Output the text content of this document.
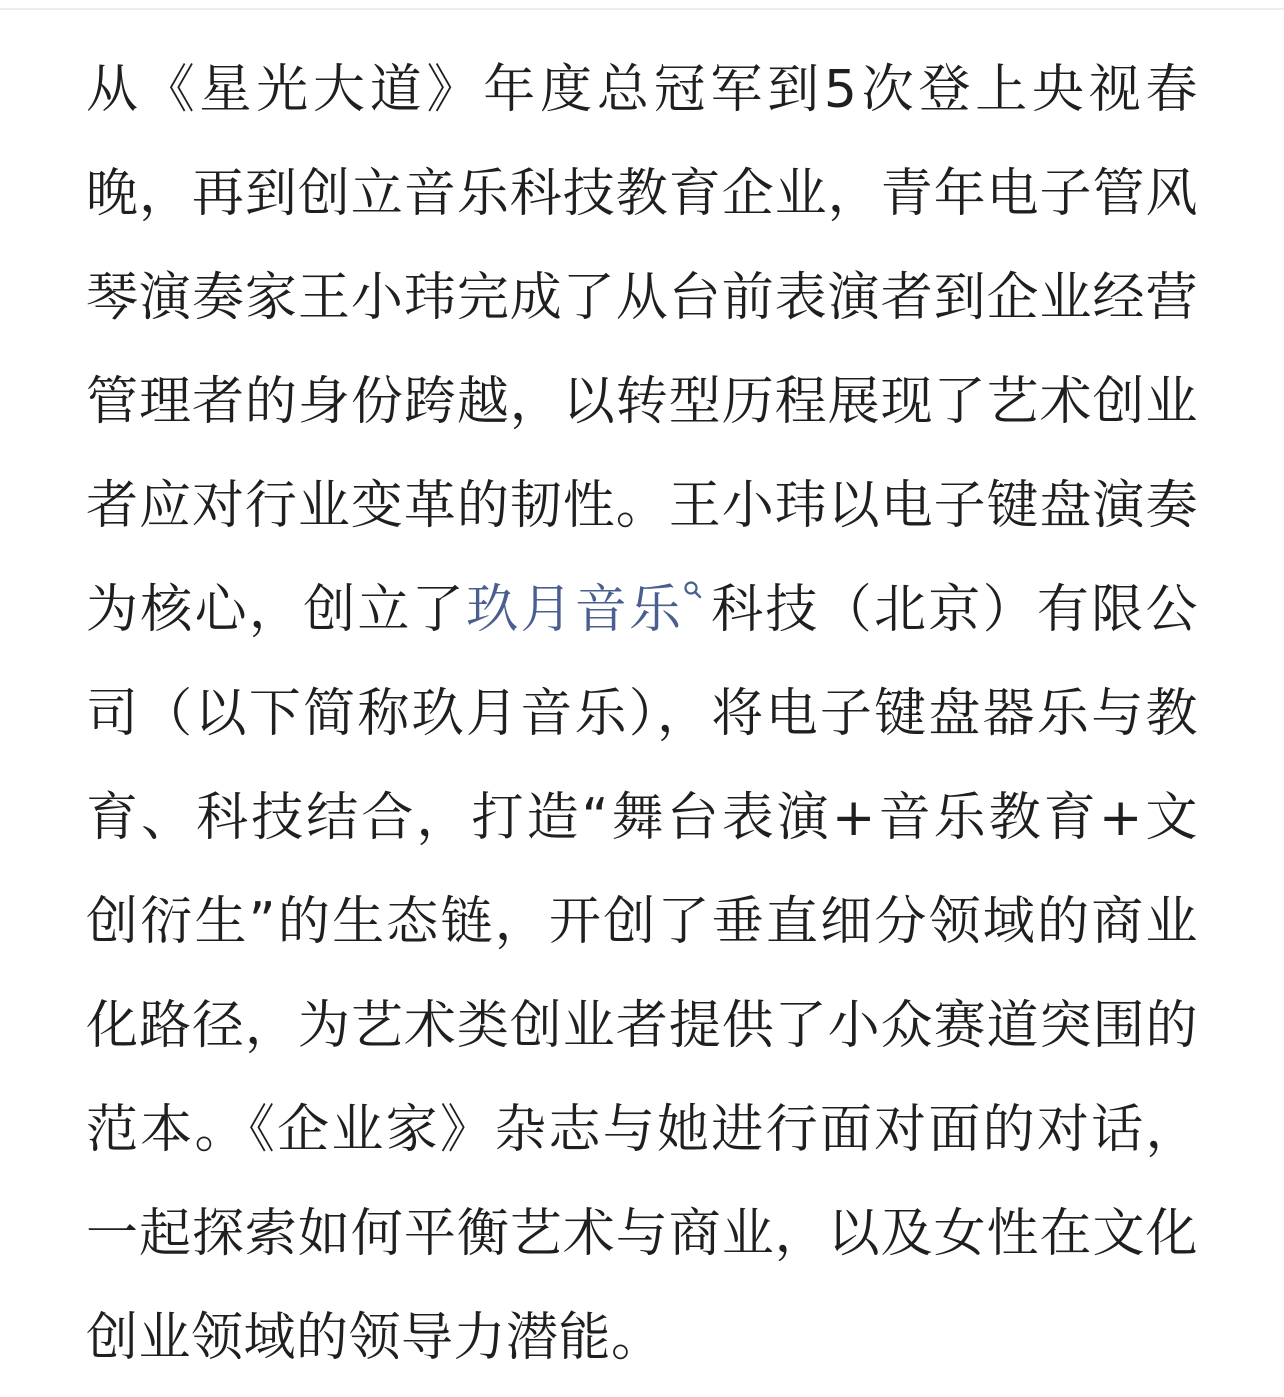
从《星光大道》年度总冠军到5次登上央视春晚，再到创立音乐科技教育企业，青年电子管风琴演奏家王小玮完成了从台前表演者到企业经营管理者的身份跨越，以转型历程展现了艺术创业者应对行业变革的韧性。王小玮以电子键盘演奏为核心，创立了玖月音乐 科技（北京）有限公司（以下简称玖月音乐），将电子键盘器乐与教育、科技结合，打造“舞台表演+音乐教育+文创衍生”的生态链，开创了垂直细分领域的商业化路径，为艺术类创业者提供了小众赛道突围的范本。《企业家》杂志与她进行面对面的对话，一起探索如何平衡艺术与商业，以及女性在文化创业领域的领导力潜能。
